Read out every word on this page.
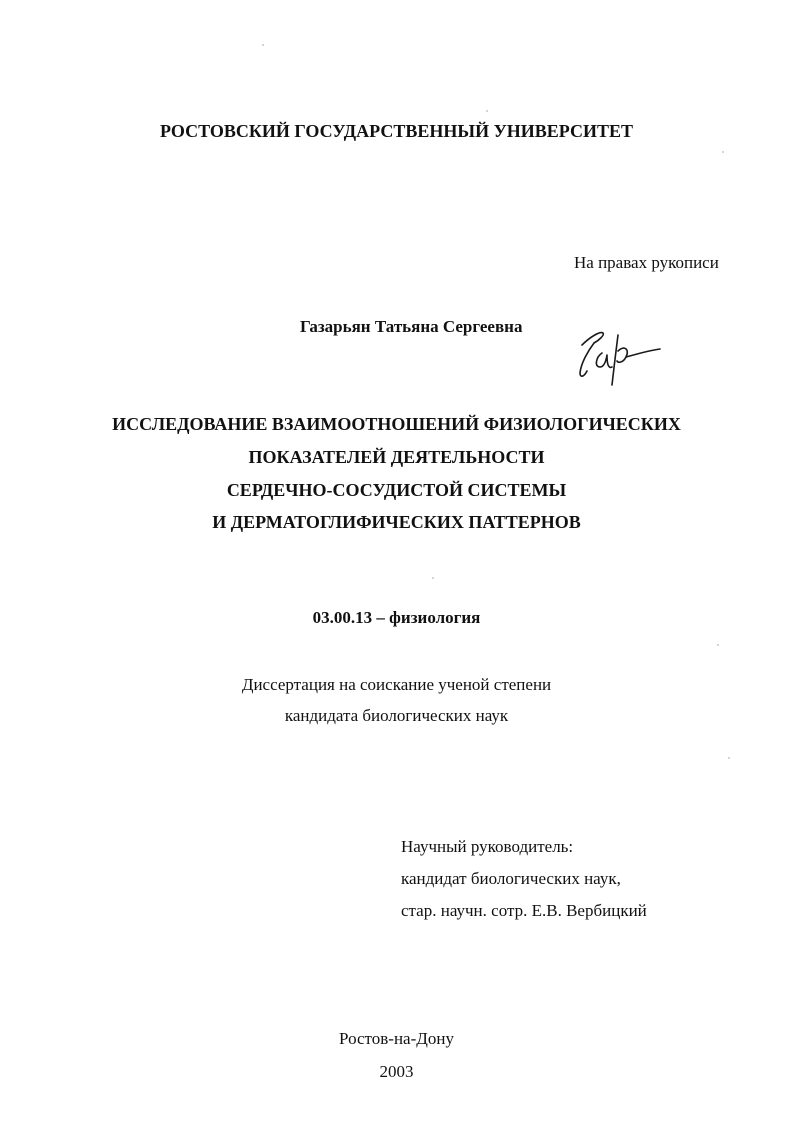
РОСТОВСКИЙ ГОСУДАРСТВЕННЫЙ УНИВЕРСИТЕТ
На правах рукописи
Газарьян Татьяна Сергеевна
ИССЛЕДОВАНИЕ ВЗАИМООТНОШЕНИЙ ФИЗИОЛОГИЧЕСКИХ
ПОКАЗАТЕЛЕЙ ДЕЯТЕЛЬНОСТИ
СЕРДЕЧНО-СОСУДИСТОЙ СИСТЕМЫ
И ДЕРМАТОГЛИФИЧЕСКИХ ПАТТЕРНОВ
03.00.13 – физиология
Диссертация на соискание ученой степени
кандидата биологических наук
Научный руководитель:
кандидат биологических наук,
стар. научн. сотр. Е.В. Вербицкий
Ростов-на-Дону
2003
